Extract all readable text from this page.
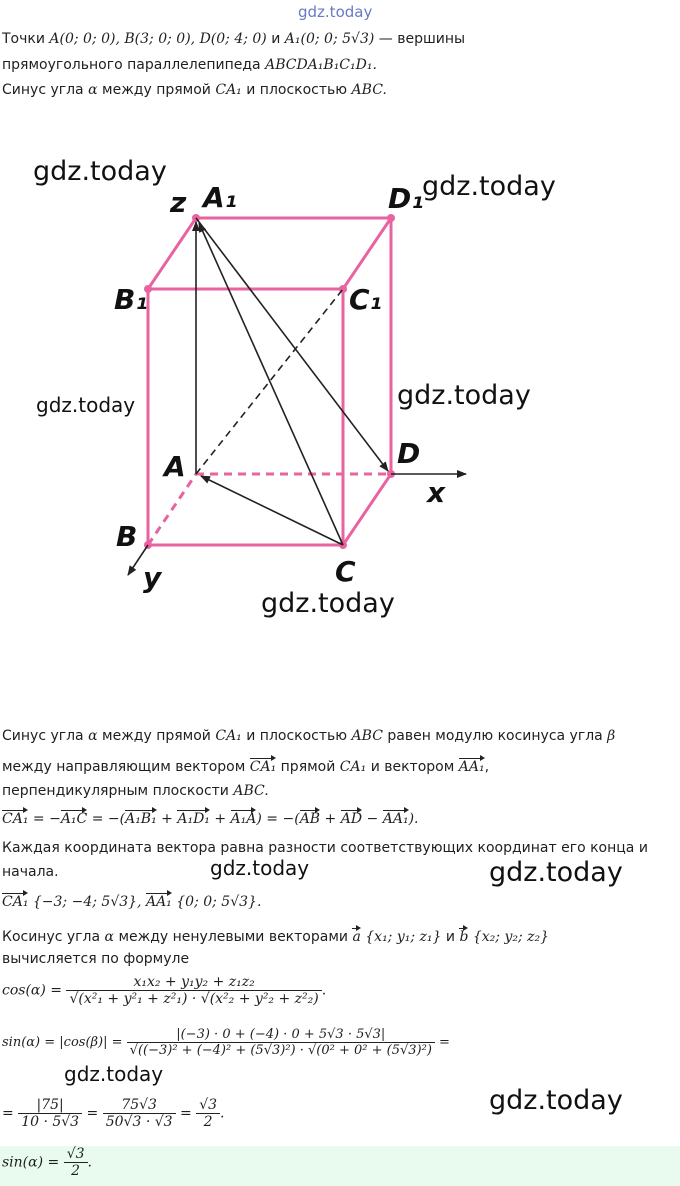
gdz.today
gdz.today	gdz.today
gdz.today	gdz.today
gdz.today
gdz.today	gdz.today
gdz.today
gdz.today
Точки A(0; 0; 0), B(3; 0; 0), D(0; 4; 0) и A₁(0; 0; 5√3) — вершины
прямоугольного параллелепипеда ABCDA₁B₁C₁D₁.
Синус угла α между прямой CA₁ и плоскостью ABC.
z A₁	D₁
B₁	C₁
A	D
x
B
y	C
Синус угла α между прямой CA₁ и плоскостью ABC равен модулю косинуса угла β
между направляющим вектором CA₁ прямой CA₁ и вектором AA₁,
перпендикулярным плоскости ABC.
CA₁ = −A₁C = −(A₁B₁ + A₁D₁ + A₁A) = −(AB + AD − AA₁).
Каждая координата вектора равна разности соответствующих координат его конца и
начала.
CA₁ {−3; −4; 5√3}, AA₁ {0; 0; 5√3}.
Косинус угла α между ненулевыми векторами a {x₁; y₁; z₁} и b {x₂; y₂; z₂}
вычисляется по формуле
$\cos(\alpha) = \frac{\text{x₁x₂ + y₁y₂ + z₁z₂}}{\text{√(x²₁ + y²₁ + z²₁) · √(x²₂ + y²₂ + z²₂)}}$ .
$\sin(\alpha) = |\cos(\beta)| = \frac{|(-3) \cdot 0 + (-4) \cdot 0 + 5√3 \cdot 5√3|}{\text{√((−3)² + (−4)² + (5√3)²) · √(0² + 0² + (5√3)²)}}$ =
= $\frac{|75|}{10 \cdot 5√3} = \frac{75√3}{50√3 \cdot √3} = \frac{√3}{2}$ .
$\sin(\alpha) = \frac{√3}{2}$ .
